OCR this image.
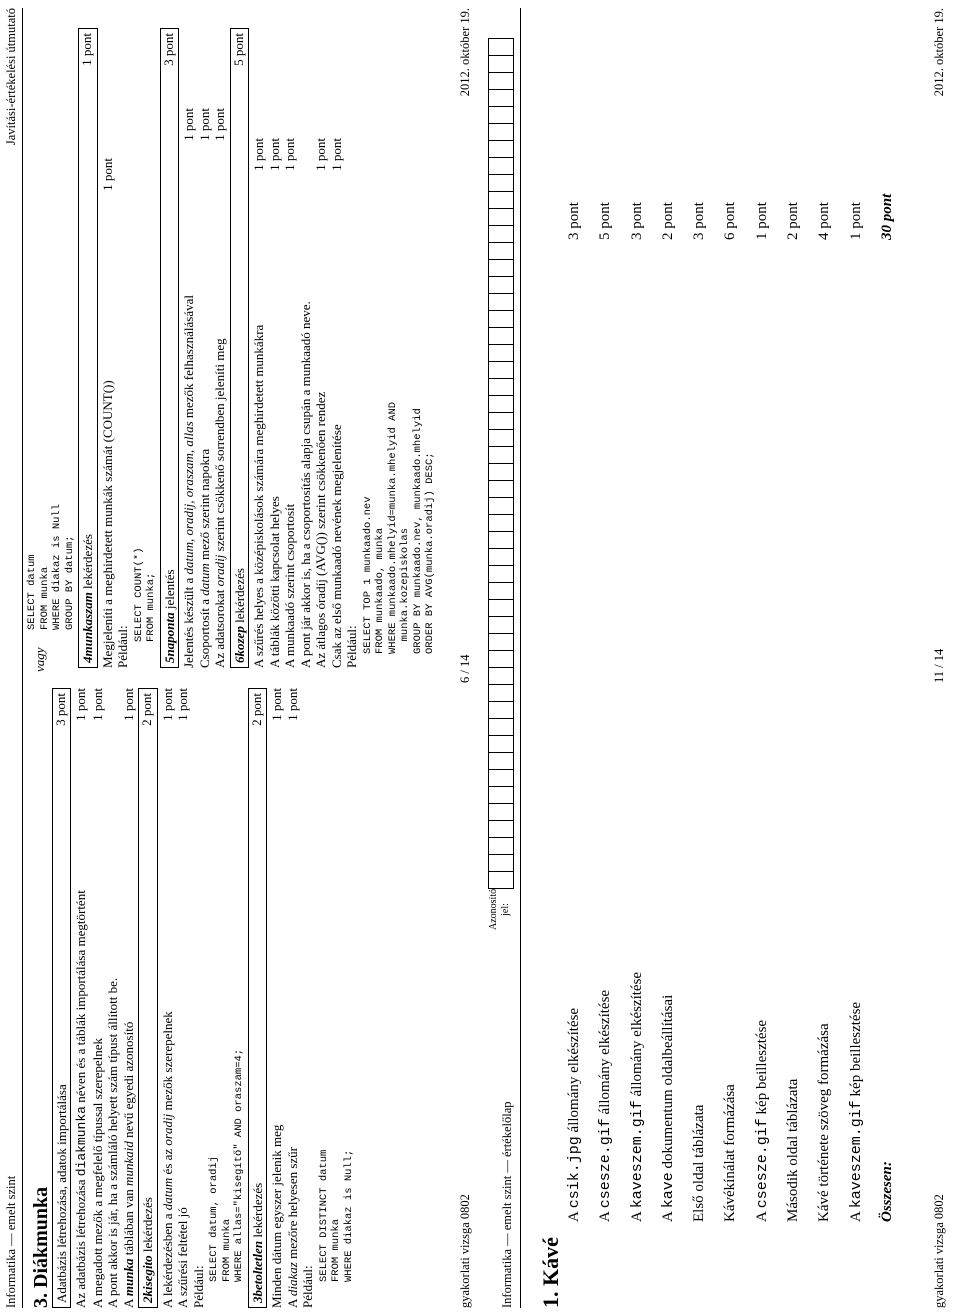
Informatika — emelt szint
Javítási-értékelési útmutató

3. Diákmunka Adatbázis létrehozása, adatok importálása
3 pont
Az adatbázis létrehozása diakmunka néven és a táblák importálása megtörtént
1 pont
A megadott mezők a megfelelő típussal szerepelnek
1 pont
A pont akkor is jár, ha a számláló helyett szám típust állított be. A munka táblában van munkaid nevű egyedi azonosító
1 pont
2kisegito lekérdezés
2 pont
A lekérdezésben a datum és az oradij mezők szerepelnek
1 pont
A szűrési feltétel jó
1 pont
Például:
SELECT datum, oradij
FROM munka
WHERE allas="kisegítő" AND oraszam=4;
3betoltetlen lekérdezés
2 pont
Minden dátum egyszer jelenik meg
1 pont
A diakaz mezőre helyesen szűr
1 pont
Például:
SELECT DISTINCT datum
FROM munka
WHERE diakaz is Null;
vagy
SELECT datum
FROM munka
WHERE diakaz is Null
GROUP BY datum;
4munkaszam lekérdezés
1 pont
Megjeleníti a meghirdetett munkák számát (COUNT())
1 pont
Például:
SELECT COUNT(*)
FROM munka;
5naponta jelentés
3 pont
Jelentés készült a datum, oradij, oraszam, allas mezők felhasználásával
1 pont
Csoportosít a datum mező szerint napokra
1 pont
Az adatsorokat oradij szerint csökkenő sorrendben jeleníti meg
1 pont
6kozep lekérdezés
5 pont
A szűrés helyes a középiskolások számára meghirdetett munkákra
1 pont
A táblák közötti kapcsolat helyes
1 pont
A munkaadó szerint csoportosít
1 pont
A pont jár akkor is, ha a csoportosítás alapja csupán a munkaadó neve. Az átlagos óradíj (AVG()) szerint csökkenően rendez
1 pont
Csak az első munkaadó nevének megjelenítése
1 pont
Például: SELECT TOP 1 munkaado.nev
FROM munkaado, munka
WHERE munkaado.mhelyid=munka.mhelyid AND
munka.kozepiskolas
GROUP BY munkaado.nev, munkaado.mhelyid
ORDER BY AVG(munka.oradij) DESC;
gyakorlati vizsga 0802
6 / 14
2012. október 19.
Informatika — emelt szint — értékelőlap
Azonosító jel:
1. Kávé
A csik.jpg állomány elkészítése
3 pont
A csesze.gif állomány elkészítése
5 pont
A kaveszem.gif állomány elkészítése
3 pont
A kave dokumentum oldalbeállításai
2 pont
Első oldal táblázata
3 pont
Kávékínálat formázása
6 pont
A csesze.gif kép beillesztése
1 pont
Második oldal táblázata
2 pont
Kávé története szöveg formázása
4 pont
A kaveszem.gif kép beillesztése
1 pont
Összesen:
30 pont
gyakorlati vizsga 0802
11 / 14
2012. október 19.
